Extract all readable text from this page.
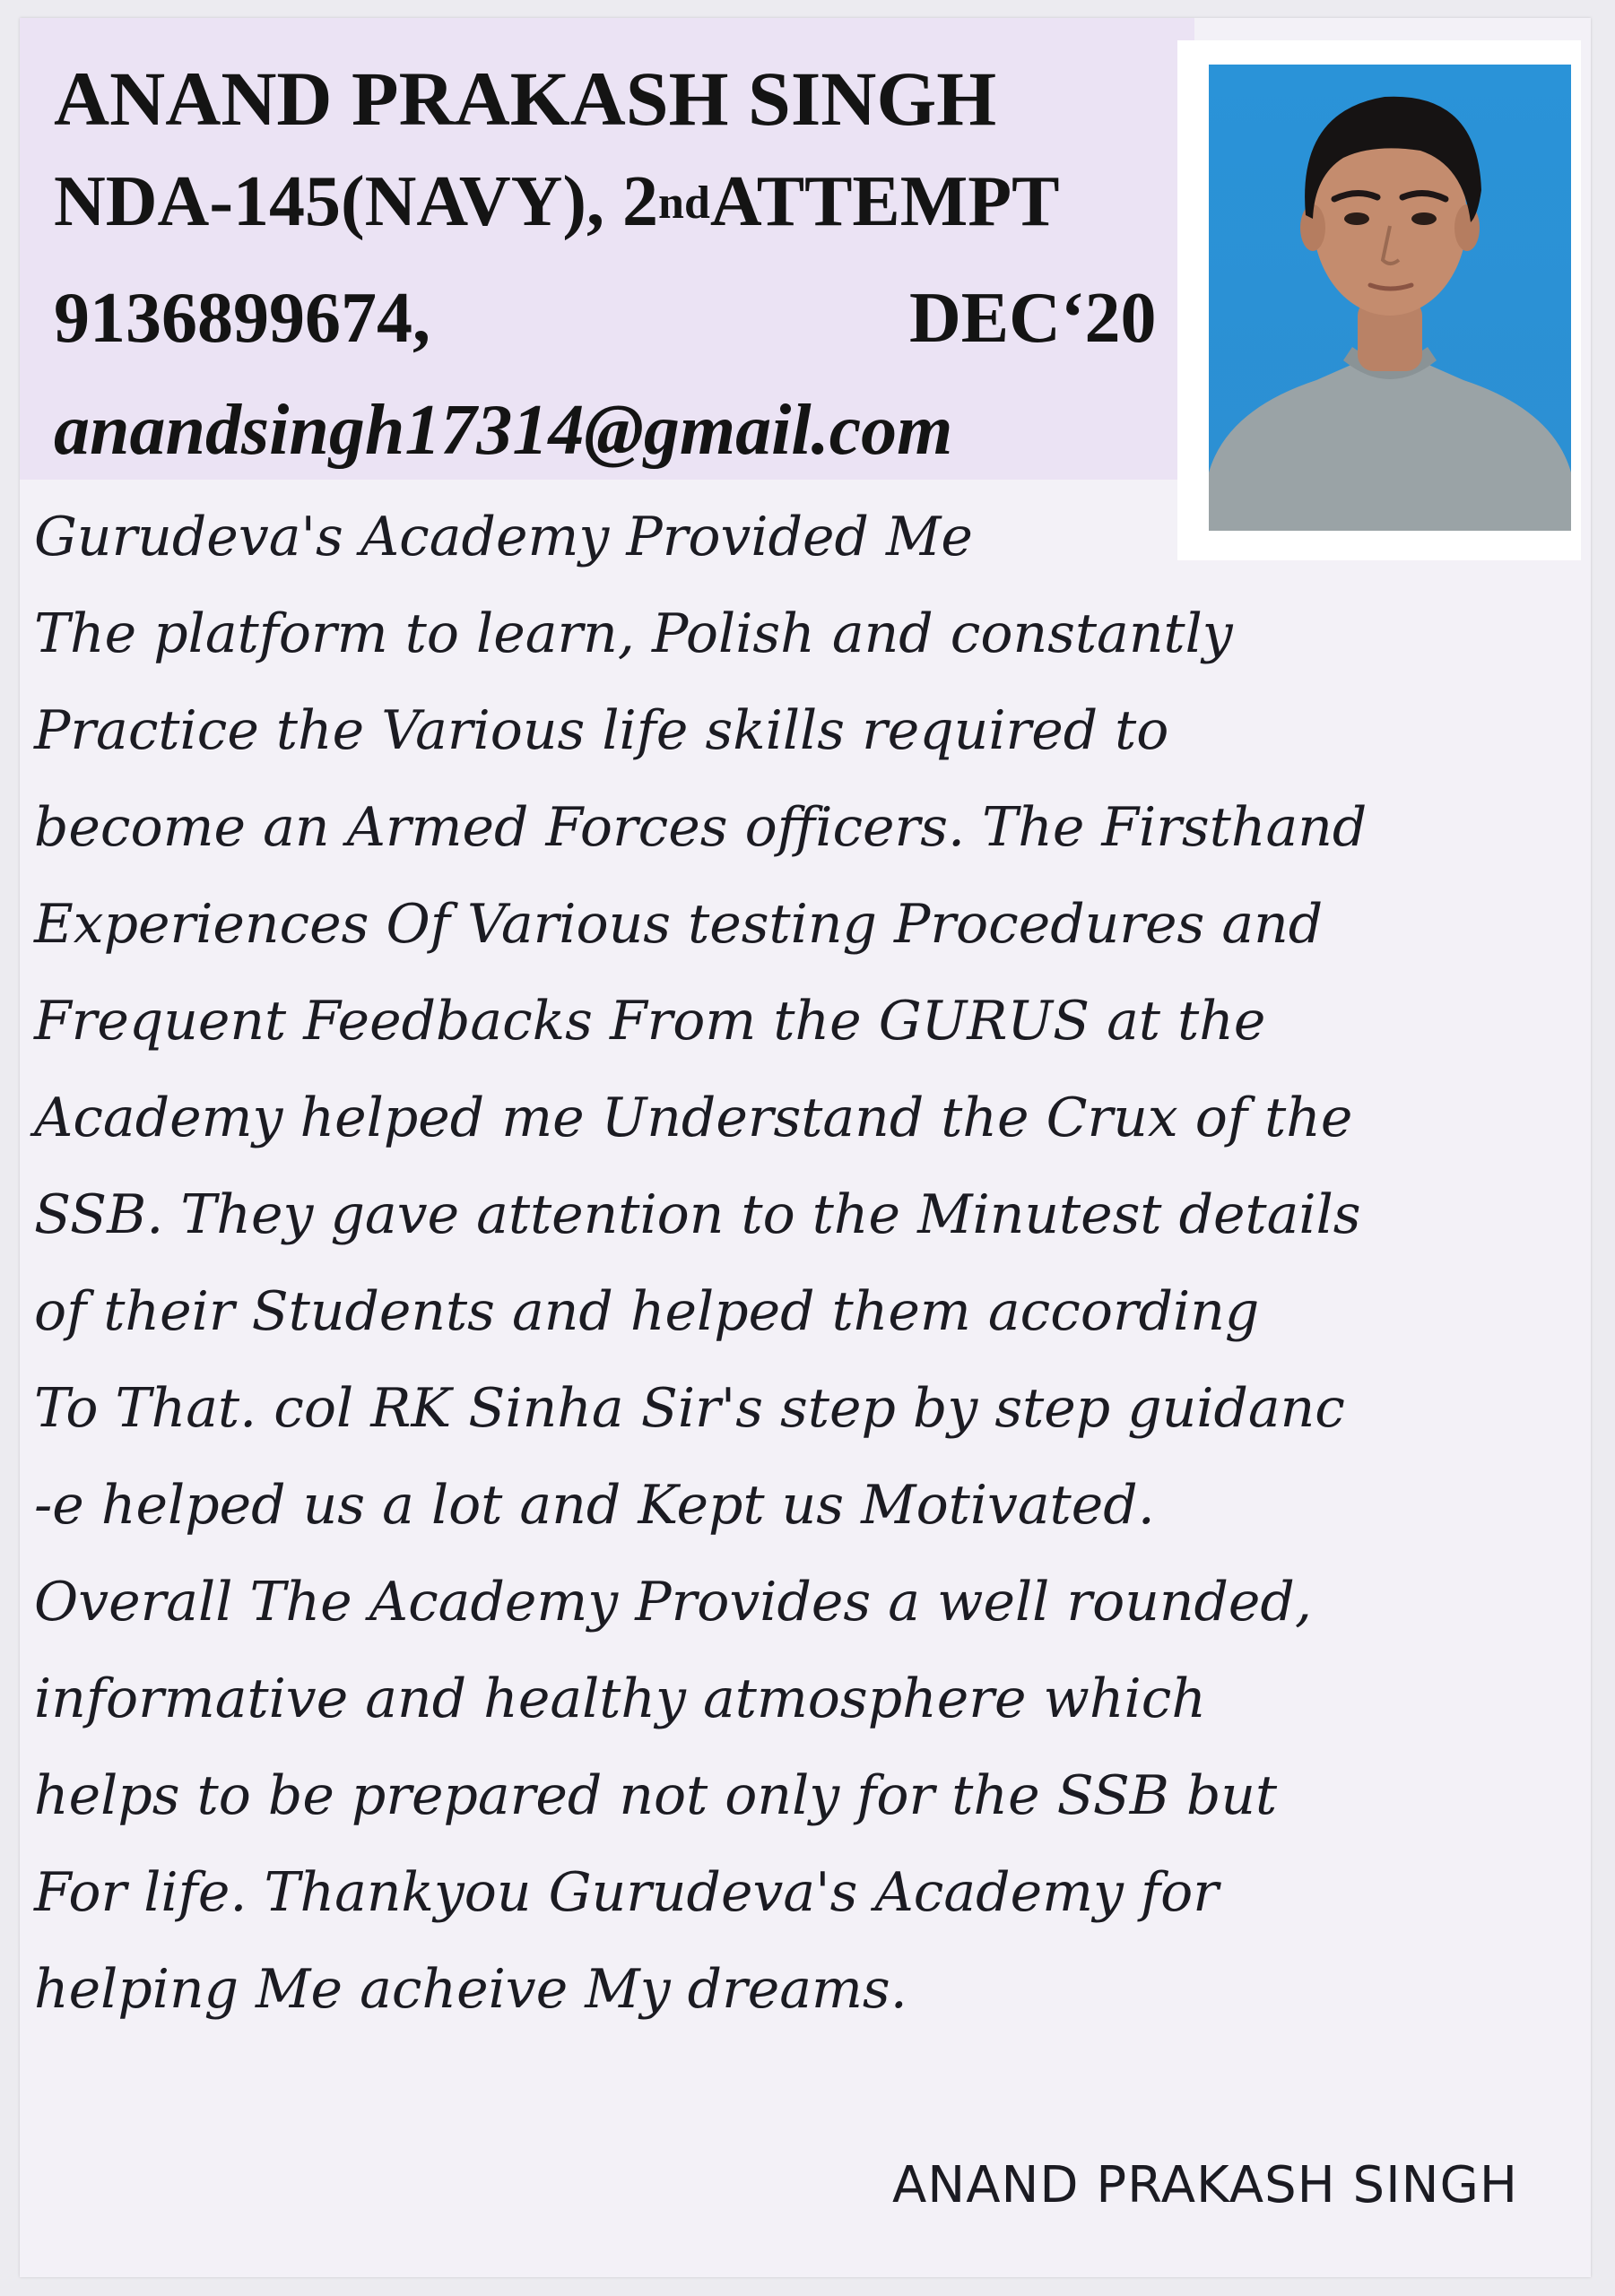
ANAND PRAKASH SINGH
NDA-145(NAVY), 2ndATTEMPT
9136899674,	DEC‘20
anandsingh17314@gmail.com
Gurudeva's Academy Provided Me
The platform to learn, Polish and constantly
Practice the Various life skills required to
become an Armed Forces officers. The Firsthand
Experiences Of Various testing Procedures and
Frequent Feedbacks From the GURUS at the
Academy helped me Understand the Crux of the
SSB. They gave attention to the Minutest details
of their Students and helped them according
To That. col RK Sinha Sir's step by step guidanc
-e helped us a lot and Kept us Motivated.
Overall The Academy Provides a well rounded,
informative and healthy atmosphere which
helps to be prepared not only for the SSB but
For life. Thankyou Gurudeva's Academy for
helping Me acheive My dreams.
ANAND PRAKASH SINGH
